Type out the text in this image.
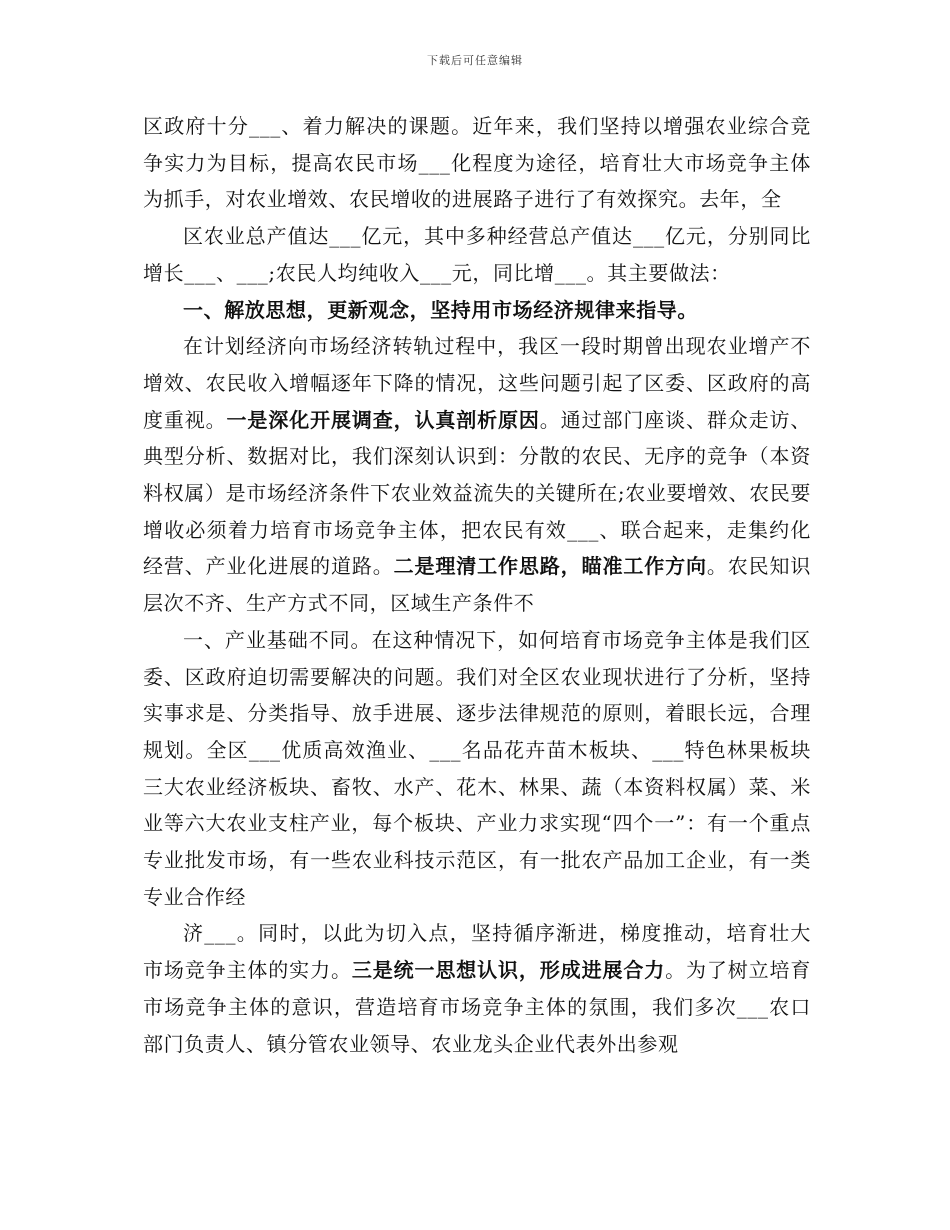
下载后可任意编辑

区政府十分___、着力解决的课题。近年来，我们坚持以增强农业综合竞争实力为目标，提高农民市场___化程度为途径，培育壮大市场竞争主体为抓手，对农业增效、农民增收的进展路子进行了有效探究。去年，全

区农业总产值达___亿元，其中多种经营总产值达___亿元，分别同比增长___、___;农民人均纯收入___元，同比增___。其主要做法：

一、解放思想，更新观念，坚持用市场经济规律来指导。

在计划经济向市场经济转轨过程中，我区一段时期曾出现农业增产不增效、农民收入增幅逐年下降的情况，这些问题引起了区委、区政府的高度重视。一是深化开展调查，认真剖析原因。通过部门座谈、群众走访、典型分析、数据对比，我们深刻认识到：分散的农民、无序的竞争（本资料权属）是市场经济条件下农业效益流失的关键所在;农业要增效、农民要增收必须着力培育市场竞争主体，把农民有效___、联合起来，走集约化经营、产业化进展的道路。二是理清工作思路，瞄准工作方向。农民知识层次不齐、生产方式不同，区域生产条件不

一、产业基础不同。在这种情况下，如何培育市场竞争主体是我们区委、区政府迫切需要解决的问题。我们对全区农业现状进行了分析，坚持实事求是、分类指导、放手进展、逐步法律规范的原则，着眼长远，合理规划。全区___优质高效渔业、___名品花卉苗木板块、___特色林果板块三大农业经济板块、畜牧、水产、花木、林果、蔬（本资料权属）菜、米业等六大农业支柱产业，每个板块、产业力求实现“四个一”：有一个重点专业批发市场，有一些农业科技示范区，有一批农产品加工企业，有一类专业合作经

济___。同时，以此为切入点，坚持循序渐进，梯度推动，培育壮大市场竞争主体的实力。三是统一思想认识，形成进展合力。为了树立培育市场竞争主体的意识，营造培育市场竞争主体的氛围，我们多次___农口部门负责人、镇分管农业领导、农业龙头企业代表外出参观
